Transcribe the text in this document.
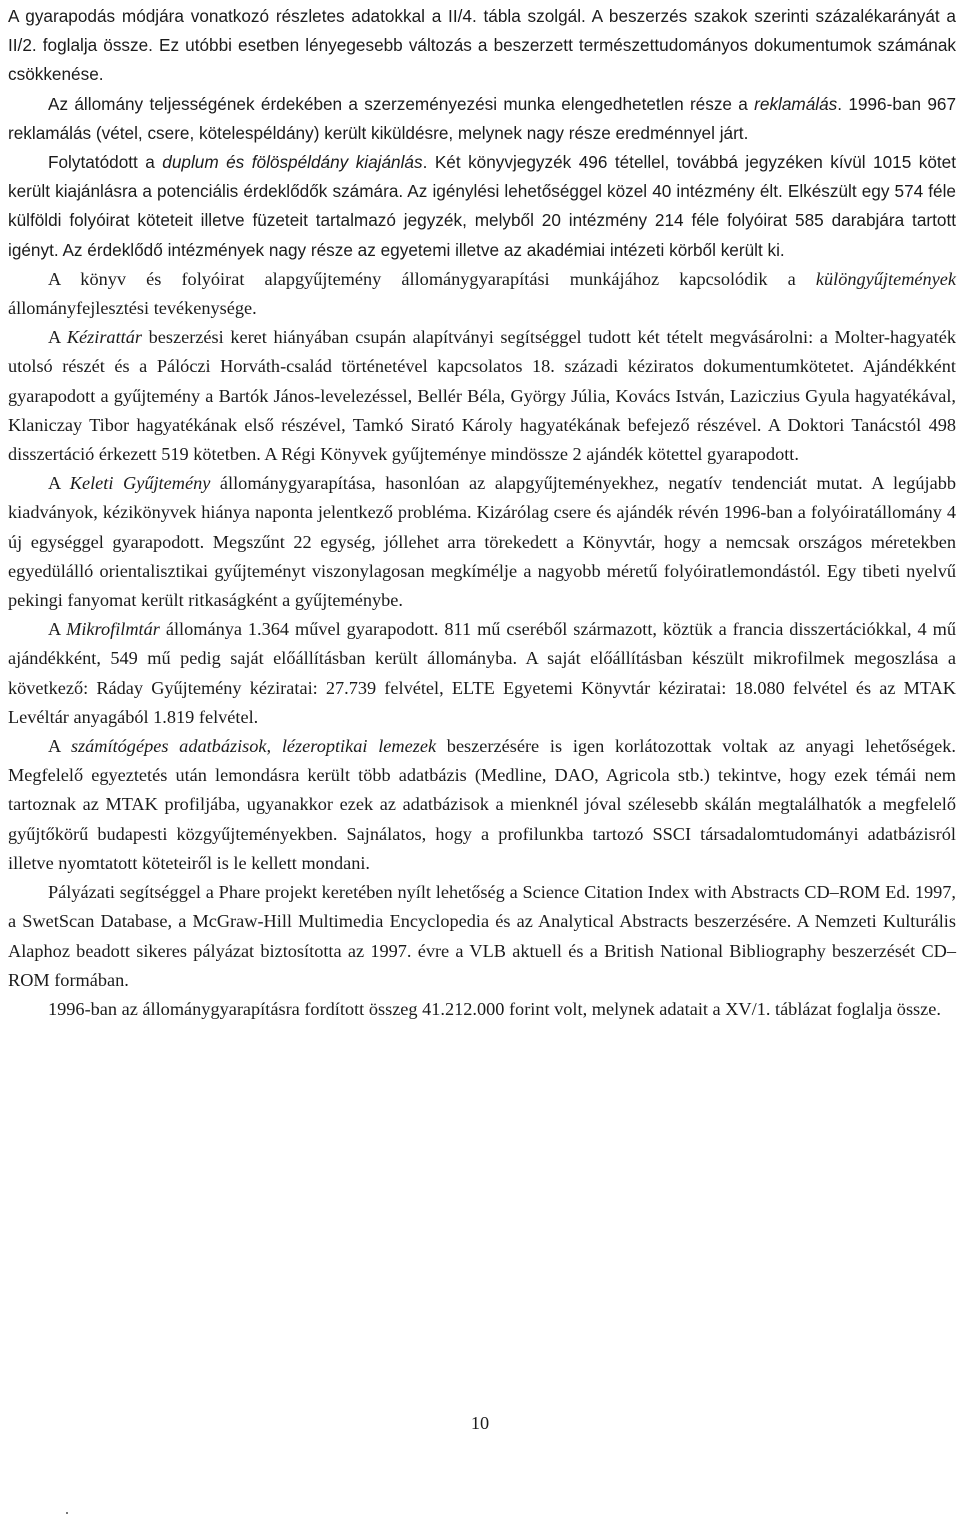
A gyarapodás módjára vonatkozó részletes adatokkal a II/4. tábla szolgál. A beszerzés szakok szerinti százalékarányát a II/2. foglalja össze. Ez utóbbi esetben lényegesebb változás a beszerzett természettudományos dokumentumok számának csökkenése.

Az állomány teljességének érdekében a szerzeményezési munka elengedhetetlen része a reklamálás. 1996-ban 967 reklamálás (vétel, csere, kötelespéldány) került kiküldésre, melynek nagy része eredménnyel járt.

Folytatódott a duplum és fölöspéldány kiajánlás. Két könyvjegyzék 496 tétellel, továbbá jegyzéken kívül 1015 kötet került kiajánlásra a potenciális érdeklődők számára. Az igénylési lehetőséggel közel 40 intézmény élt. Elkészült egy 574 féle külföldi folyóirat köteteit illetve füzeteit tartalmazó jegyzék, melyből 20 intézmény 214 féle folyóirat 585 darabjára tartott igényt. Az érdeklődő intézmények nagy része az egyetemi illetve az akadémiai intézeti körből került ki.

A könyv és folyóirat alapgyűjtemény állománygyarapítási munkájához kapcsolódik a különgyűjtemények állományfejlesztési tevékenysége.

A Kézirattár beszerzési keret hiányában csupán alapítványi segítséggel tudott két tételt megvásárolni: a Molter-hagyaték utolsó részét és a Pálóczi Horváth-család történetével kapcsolatos 18. századi kéziratos dokumentumkötetet. Ajándékként gyarapodott a gyűjtemény a Bartók János-levelezéssel, Bellér Béla, György Júlia, Kovács István, Laziczius Gyula hagyatékával, Klaniczay Tibor hagyatékának első részével, Tamkó Sirató Károly hagyatékának befejező részével. A Doktori Tanácstól 498 disszertáció érkezett 519 kötetben. A Régi Könyvek gyűjteménye mindössze 2 ajándék kötettel gyarapodott.

A Keleti Gyűjtemény állománygyarapítása, hasonlóan az alapgyűjteményekhez, negatív tendenciát mutat. A legújabb kiadványok, kézikönyvek hiánya naponta jelentkező probléma. Kizárólag csere és ajándék révén 1996-ban a folyóiratállomány 4 új egységgel gyarapodott. Megszűnt 22 egység, jóllehet arra törekedett a Könyvtár, hogy a nemcsak országos méretekben egyedülálló orientalisztikai gyűjteményt viszonylagosan megkímélje a nagyobb méretű folyóiratlemondástól. Egy tibeti nyelvű pekingi fanyomat került ritkaságként a gyűjteménybe.

A Mikrofilmtár állománya 1.364 művel gyarapodott. 811 mű cseréből származott, köztük a francia disszertációkkal, 4 mű ajándékként, 549 mű pedig saját előállításban került állományba. A saját előállításban készült mikrofilmek megoszlása a következő: Ráday Gyűjtemény kéziratai: 27.739 felvétel, ELTE Egyetemi Könyvtár kéziratai: 18.080 felvétel és az MTAK Levéltár anyagából 1.819 felvétel.

A számítógépes adatbázisok, lézeroptikai lemezek beszerzésére is igen korlátozottak voltak az anyagi lehetőségek. Megfelelő egyeztetés után lemondásra került több adatbázis (Medline, DAO, Agricola stb.) tekintve, hogy ezek témái nem tartoznak az MTAK profiljába, ugyanakkor ezek az adatbázisok a mienknél jóval szélesebb skálán megtalálhatók a megfelelő gyűjtőkörű budapesti közgyűjteményekben. Sajnálatos, hogy a profilunkba tartozó SSCI társadalomtudományi adatbázisról illetve nyomtatott köteteiről is le kellett mondani.

Pályázati segítséggel a Phare projekt keretében nyílt lehetőség a Science Citation Index with Abstracts CD–ROM Ed. 1997, a SwetScan Database, a McGraw-Hill Multimedia Encyclopedia és az Analytical Abstracts beszerzésére. A Nemzeti Kulturális Alaphoz beadott sikeres pályázat biztosította az 1997. évre a VLB aktuell és a British National Bibliography beszerzését CD–ROM formában.

1996-ban az állománygyarapításra fordított összeg 41.212.000 forint volt, melynek adatait a XV/1. táblázat foglalja össze.

10
